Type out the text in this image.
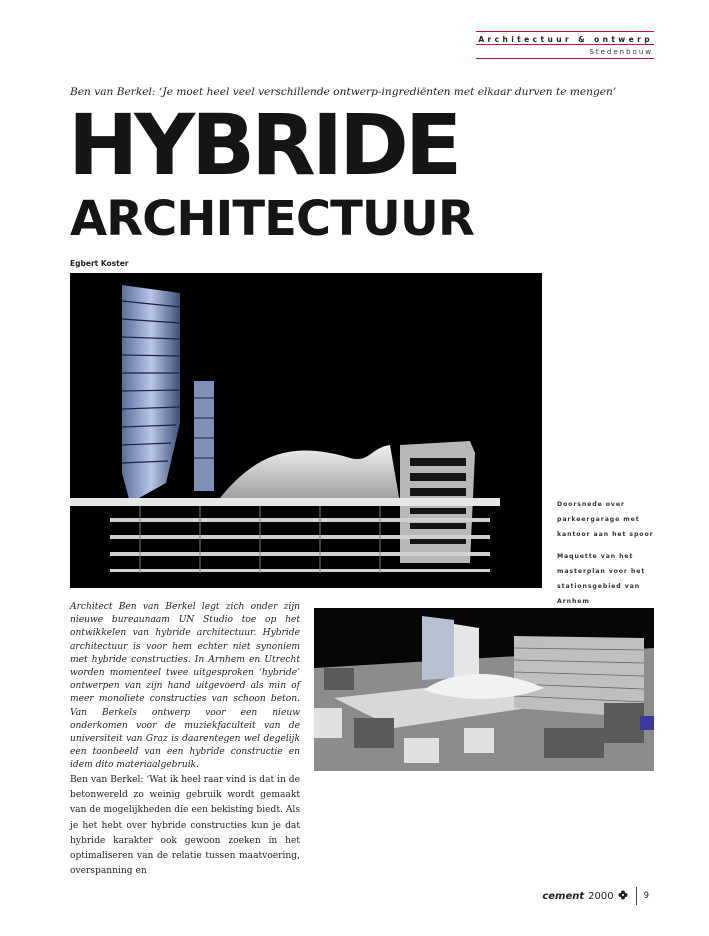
Architectuur & ontwerp
Stedenbouw
Ben van Berkel: ‘Je moet heel veel verschillende ontwerp-ingrediënten met elkaar durven te mengen’
HYBRIDE
ARCHITECTUUR
Egbert Koster
Doorsnede over parkeergarage met kantoor aan het spoor
Maquette van het masterplan voor het stationsgebied van Arnhem
Architect Ben van Berkel legt zich onder zijn nieuwe bureaunaam UN Studio toe op het ontwikkelen van hybride architectuur. Hybride architectuur is voor hem echter niet synoniem met hybride constructies. In Arnhem en Utrecht worden momenteel twee uitgesproken ‘hybride’ ontwerpen van zijn hand uitgevoerd als min of meer monoliete constructies van schoon beton. Van Berkels ontwerp voor een nieuw onderkomen voor de muziekfaculteit van de universiteit van Graz is daarentegen wel degelijk een toonbeeld van een hybride constructie en idem dito materiaalgebruik.
Ben van Berkel: ‘Wat ik heel raar vind is dat in de betonwereld zo weinig gebruik wordt gemaakt van de mogelijkheden die een bekisting biedt. Als je het hebt over hybride constructies kun je dat hybride karakter ook gewoon zoeken in het optimaliseren van de relatie tussen maatvoering, overspanning en
cement 2000	9
